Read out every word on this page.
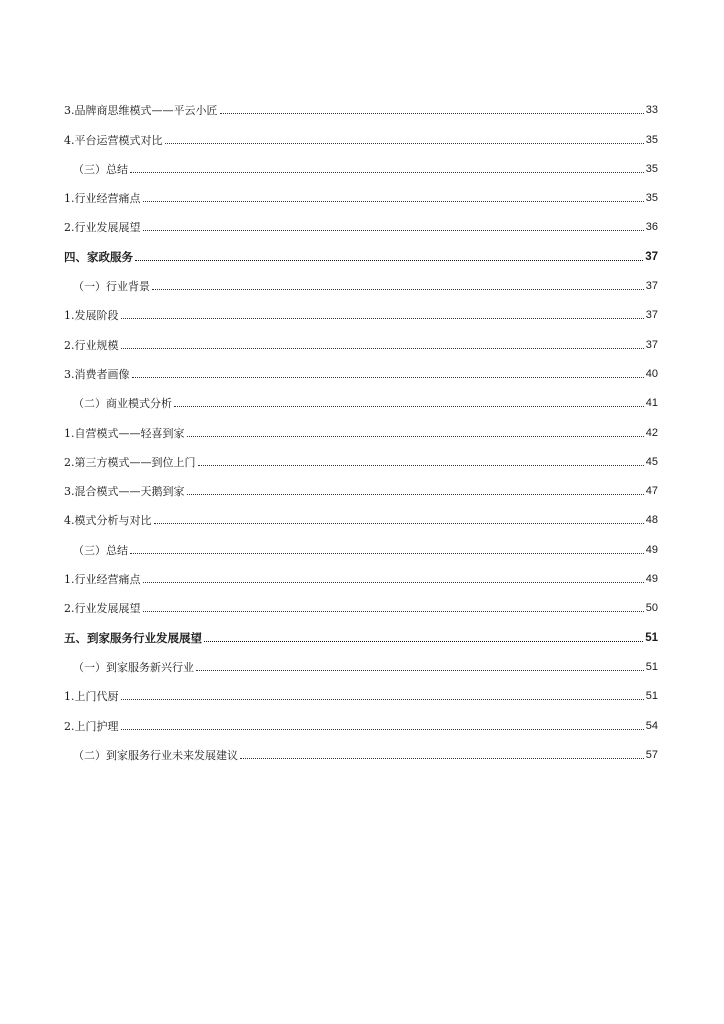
3.品牌商思维模式——平云小匠	33
4.平台运营模式对比	35
（三）总结	35
1.行业经营痛点	35
2.行业发展展望	36
四、家政服务	37
（一）行业背景	37
1.发展阶段	37
2.行业规模	37
3.消费者画像	40
（二）商业模式分析	41
1.自营模式——轻喜到家	42
2.第三方模式——到位上门	45
3.混合模式——天鹅到家	47
4.模式分析与对比	48
（三）总结	49
1.行业经营痛点	49
2.行业发展展望	50
五、到家服务行业发展展望	51
（一）到家服务新兴行业	51
1.上门代厨	51
2.上门护理	54
（二）到家服务行业未来发展建议	57
